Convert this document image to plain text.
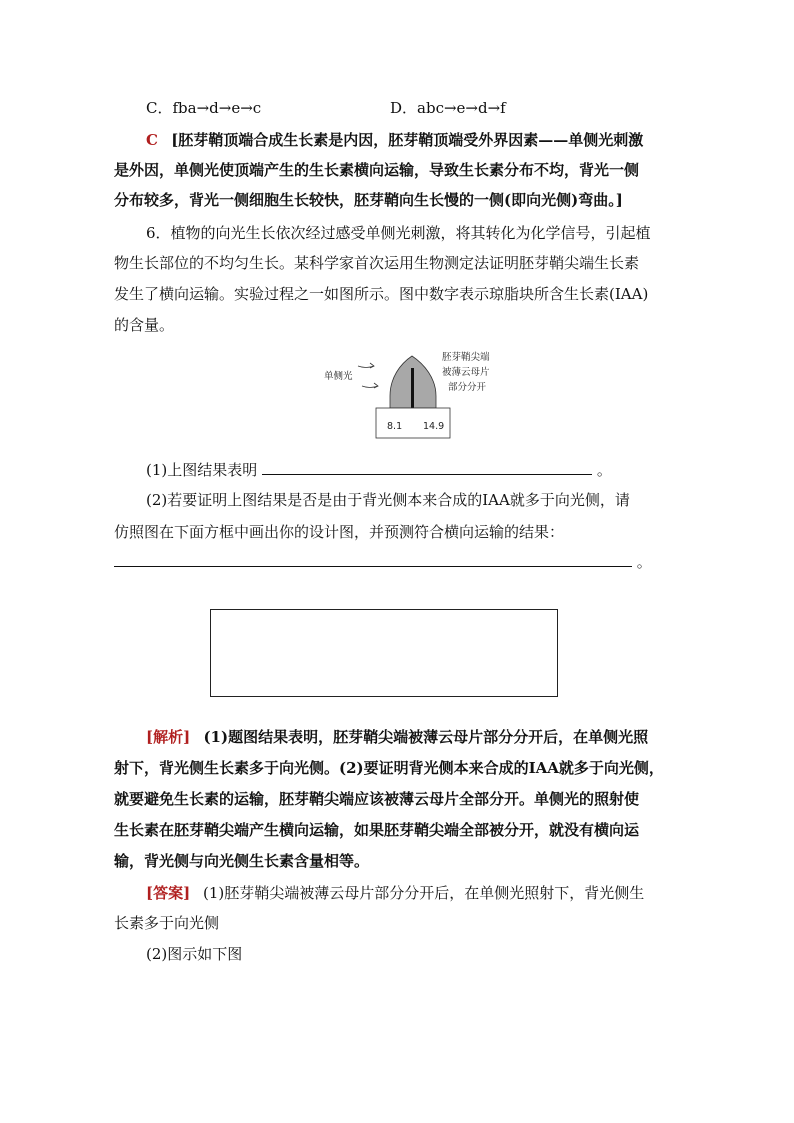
C．fba→d→e→c	D．abc→e→d→f
C [胚芽鞘顶端合成生长素是内因，胚芽鞘顶端受外界因素——单侧光刺激
是外因，单侧光使顶端产生的生长素横向运输，导致生长素分布不均，背光一侧
分布较多，背光一侧细胞生长较快，胚芽鞘向生长慢的一侧(即向光侧)弯曲。]
6．植物的向光生长依次经过感受单侧光刺激，将其转化为化学信号，引起植
物生长部位的不均匀生长。某科学家首次运用生物测定法证明胚芽鞘尖端生长素
发生了横向运输。实验过程之一如图所示。图中数字表示琼脂块所含生长素(ⅠAA)
的含量。
单侧光
8.1 14.9
胚芽鞘尖端
被薄云母片
部分分开
(1)上图结果表明	。
(2)若要证明上图结果是否是由于背光侧本来合成的ⅠAA就多于向光侧，请
仿照图在下面方框中画出你的设计图，并预测符合横向运输的结果：
。
[解析] (1)题图结果表明，胚芽鞘尖端被薄云母片部分分开后，在单侧光照
射下，背光侧生长素多于向光侧。(2)要证明背光侧本来合成的IAA就多于向光侧，
就要避免生长素的运输，胚芽鞘尖端应该被薄云母片全部分开。单侧光的照射使
生长素在胚芽鞘尖端产生横向运输，如果胚芽鞘尖端全部被分开，就没有横向运
输，背光侧与向光侧生长素含量相等。
[答案] (1)胚芽鞘尖端被薄云母片部分分开后，在单侧光照射下，背光侧生
长素多于向光侧
(2)图示如下图
